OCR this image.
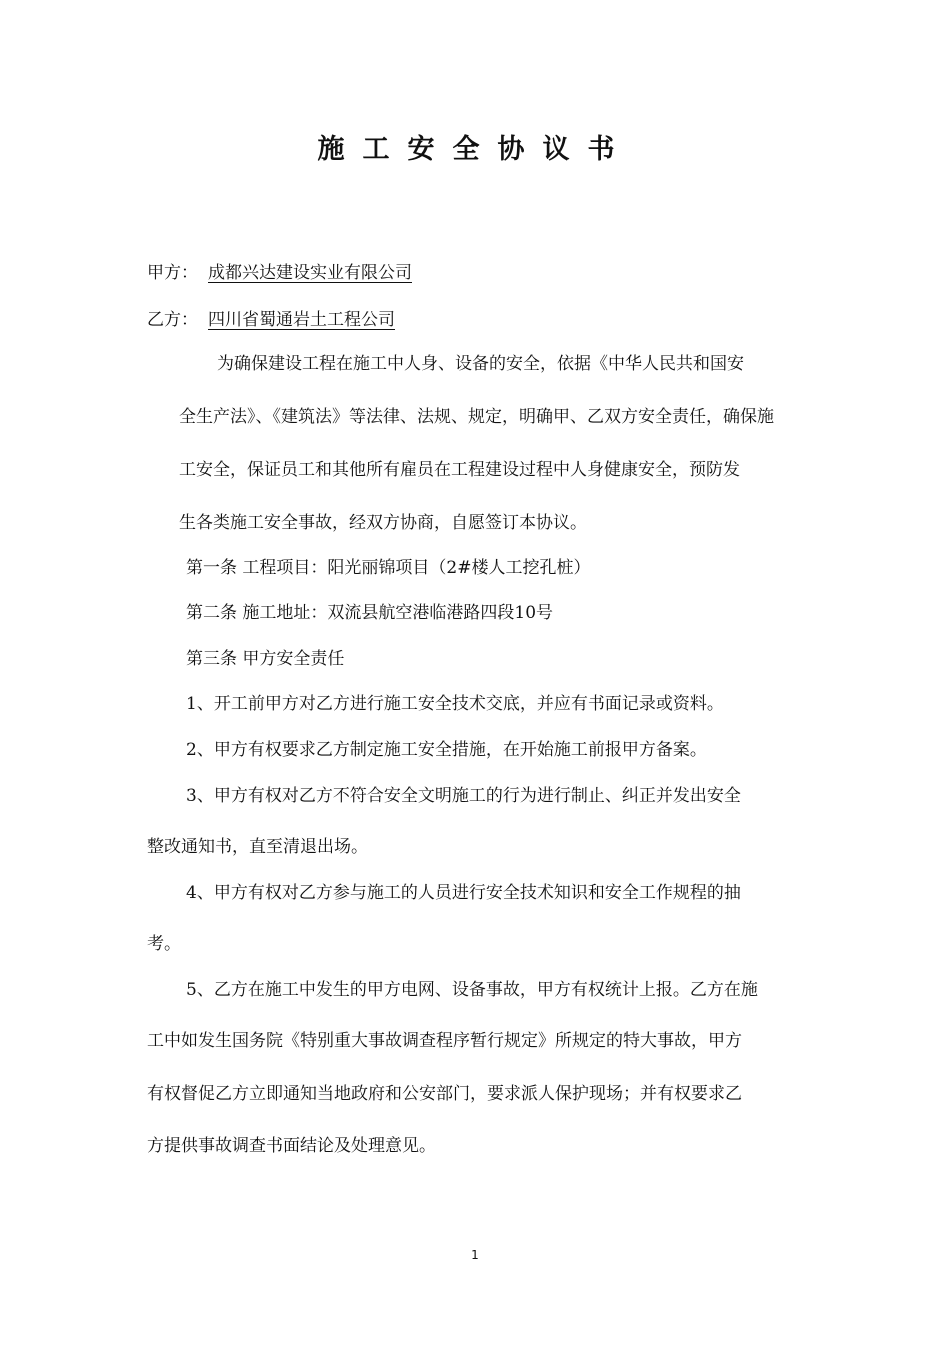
施工安全协议书
甲方： 成都兴达建设实业有限公司
乙方： 四川省蜀通岩土工程公司
为确保建设工程在施工中人身、设备的安全，依据《中华人民共和国安
全生产法》、《建筑法》等法律、法规、规定，明确甲、乙双方安全责任，确保施
工安全，保证员工和其他所有雇员在工程建设过程中人身健康安全，预防发
生各类施工安全事故，经双方协商，自愿签订本协议。
第一条 工程项目：阳光丽锦项目（2#楼人工挖孔桩）
第二条 施工地址：双流县航空港临港路四段10号
第三条 甲方安全责任
1、开工前甲方对乙方进行施工安全技术交底，并应有书面记录或资料。
2、甲方有权要求乙方制定施工安全措施，在开始施工前报甲方备案。
3、甲方有权对乙方不符合安全文明施工的行为进行制止、纠正并发出安全
整改通知书，直至清退出场。
4、甲方有权对乙方参与施工的人员进行安全技术知识和安全工作规程的抽
考。
5、乙方在施工中发生的甲方电网、设备事故，甲方有权统计上报。乙方在施
工中如发生国务院《特别重大事故调查程序暂行规定》所规定的特大事故，甲方
有权督促乙方立即通知当地政府和公安部门，要求派人保护现场；并有权要求乙
方提供事故调查书面结论及处理意见。
1
